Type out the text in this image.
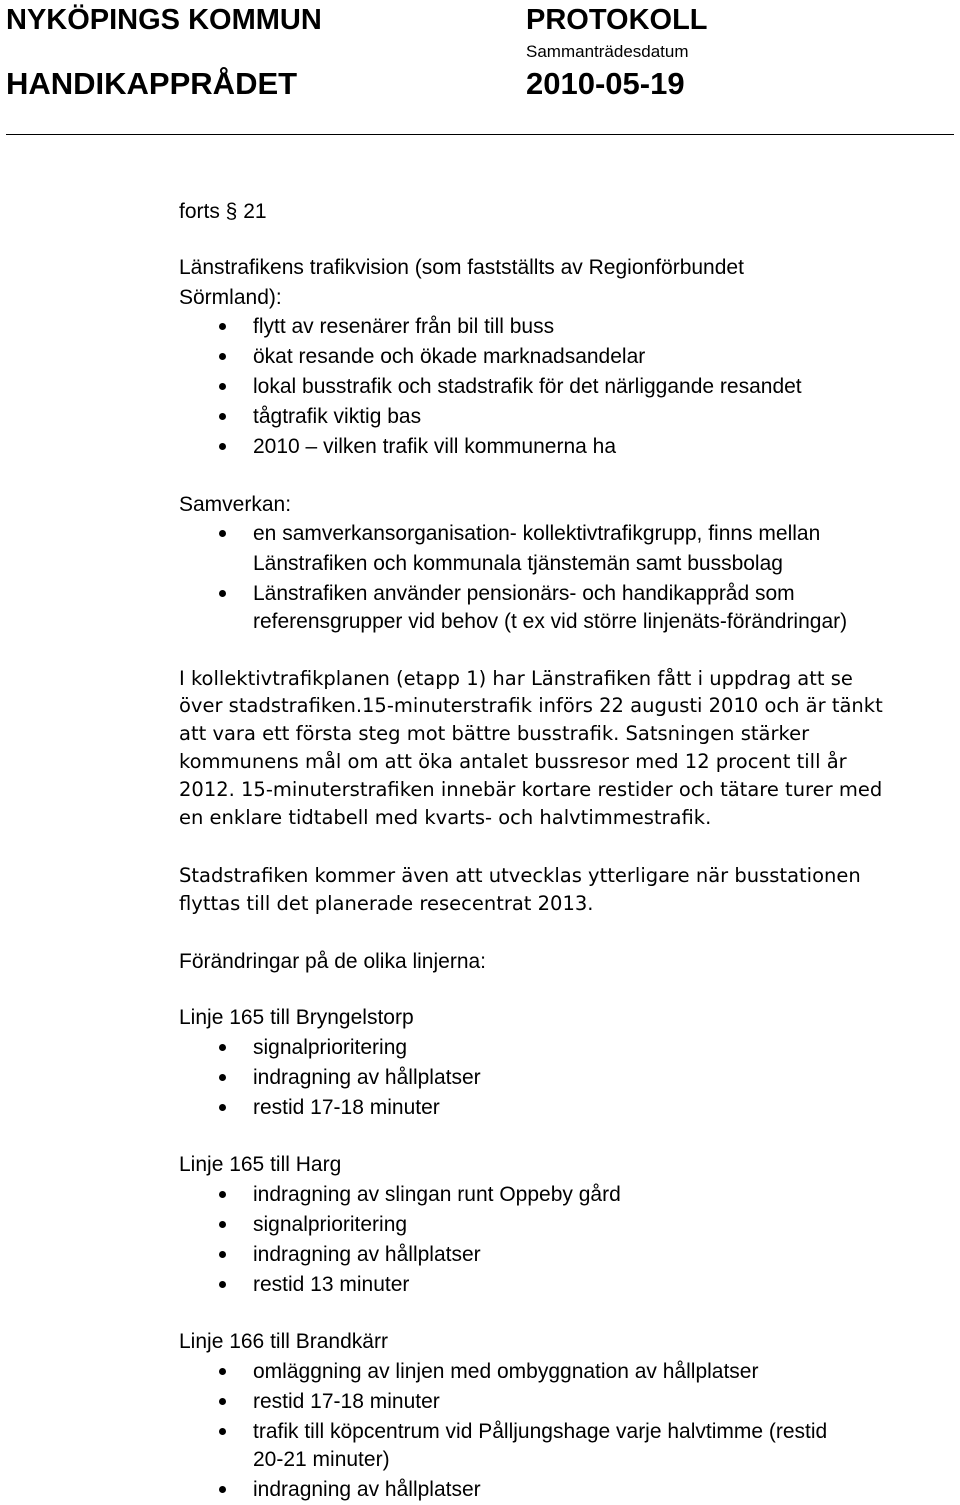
NYKÖPINGS KOMMUN
HANDIKAPPRÅDET
PROTOKOLL
Sammanträdesdatum
2010-05-19
forts § 21
Länstrafikens trafikvision (som fastställts av Regionförbundet
Sörmland):
flytt av resenärer från bil till buss
ökat resande och ökade marknadsandelar
lokal busstrafik och stadstrafik för det närliggande resandet
tågtrafik viktig bas
2010 – vilken trafik vill kommunerna ha
Samverkan:
en samverkansorganisation- kollektivtrafikgrupp, finns mellan
Länstrafiken och kommunala tjänstemän samt bussbolag
Länstrafiken använder pensionärs- och handikappråd som
referensgrupper vid behov (t ex vid större linjenäts-förändringar)
I kollektivtrafikplanen (etapp 1) har Länstrafiken fått i uppdrag att se
över stadstrafiken.15-minuterstrafik införs 22 augusti 2010 och är tänkt
att vara ett första steg mot bättre busstrafik. Satsningen stärker
kommunens mål om att öka antalet bussresor med 12 procent till år
2012. 15-minuterstrafiken innebär kortare restider och tätare turer med
en enklare tidtabell med kvarts- och halvtimmestrafik.
Stadstrafiken kommer även att utvecklas ytterligare när busstationen
flyttas till det planerade resecentrat 2013.
Förändringar på de olika linjerna:
Linje 165 till Bryngelstorp
signalprioritering
indragning av hållplatser
restid 17-18 minuter
Linje 165 till Harg
indragning av slingan runt Oppeby gård
signalprioritering
indragning av hållplatser
restid 13 minuter
Linje 166 till Brandkärr
omläggning av linjen med ombyggnation av hållplatser
restid 17-18 minuter
trafik till köpcentrum vid Pålljungshage varje halvtimme (restid
20-21 minuter)
indragning av hållplatser
